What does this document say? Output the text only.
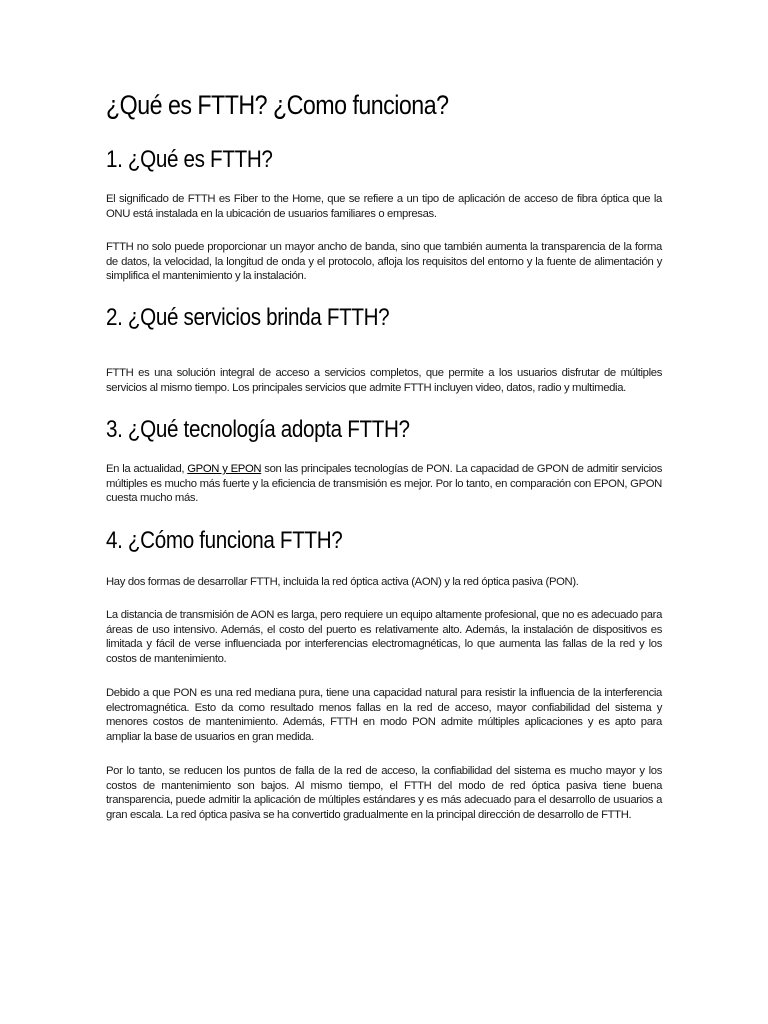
¿Qué es FTTH? ¿Como funciona?
1. ¿Qué es FTTH?

El significado de FTTH es Fiber to the Home, que se refiere a un tipo de aplicación de acceso de fibra óptica que la ONU está instalada en la ubicación de usuarios familiares o empresas.

FTTH no solo puede proporcionar un mayor ancho de banda, sino que también aumenta la transparencia de la forma de datos, la velocidad, la longitud de onda y el protocolo, afloja los requisitos del entorno y la fuente de alimentación y simplifica el mantenimiento y la instalación.

2. ¿Qué servicios brinda FTTH?

FTTH es una solución integral de acceso a servicios completos, que permite a los usuarios disfrutar de múltiples servicios al mismo tiempo. Los principales servicios que admite FTTH incluyen video, datos, radio y multimedia.

3. ¿Qué tecnología adopta FTTH?

En la actualidad, GPON y EPON son las principales tecnologías de PON. La capacidad de GPON de admitir servicios múltiples es mucho más fuerte y la eficiencia de transmisión es mejor. Por lo tanto, en comparación con EPON, GPON cuesta mucho más.

4. ¿Cómo funciona FTTH?

Hay dos formas de desarrollar FTTH, incluida la red óptica activa (AON) y la red óptica pasiva (PON).

La distancia de transmisión de AON es larga, pero requiere un equipo altamente profesional, que no es adecuado para áreas de uso intensivo. Además, el costo del puerto es relativamente alto. Además, la instalación de dispositivos es limitada y fácil de verse influenciada por interferencias electromagnéticas, lo que aumenta las fallas de la red y los costos de mantenimiento.

Debido a que PON es una red mediana pura, tiene una capacidad natural para resistir la influencia de la interferencia electromagnética. Esto da como resultado menos fallas en la red de acceso, mayor confiabilidad del sistema y menores costos de mantenimiento. Además, FTTH en modo PON admite múltiples aplicaciones y es apto para ampliar la base de usuarios en gran medida.

Por lo tanto, se reducen los puntos de falla de la red de acceso, la confiabilidad del sistema es mucho mayor y los costos de mantenimiento son bajos. Al mismo tiempo, el FTTH del modo de red óptica pasiva tiene buena transparencia, puede admitir la aplicación de múltiples estándares y es más adecuado para el desarrollo de usuarios a gran escala. La red óptica pasiva se ha convertido gradualmente en la principal dirección de desarrollo de FTTH.
